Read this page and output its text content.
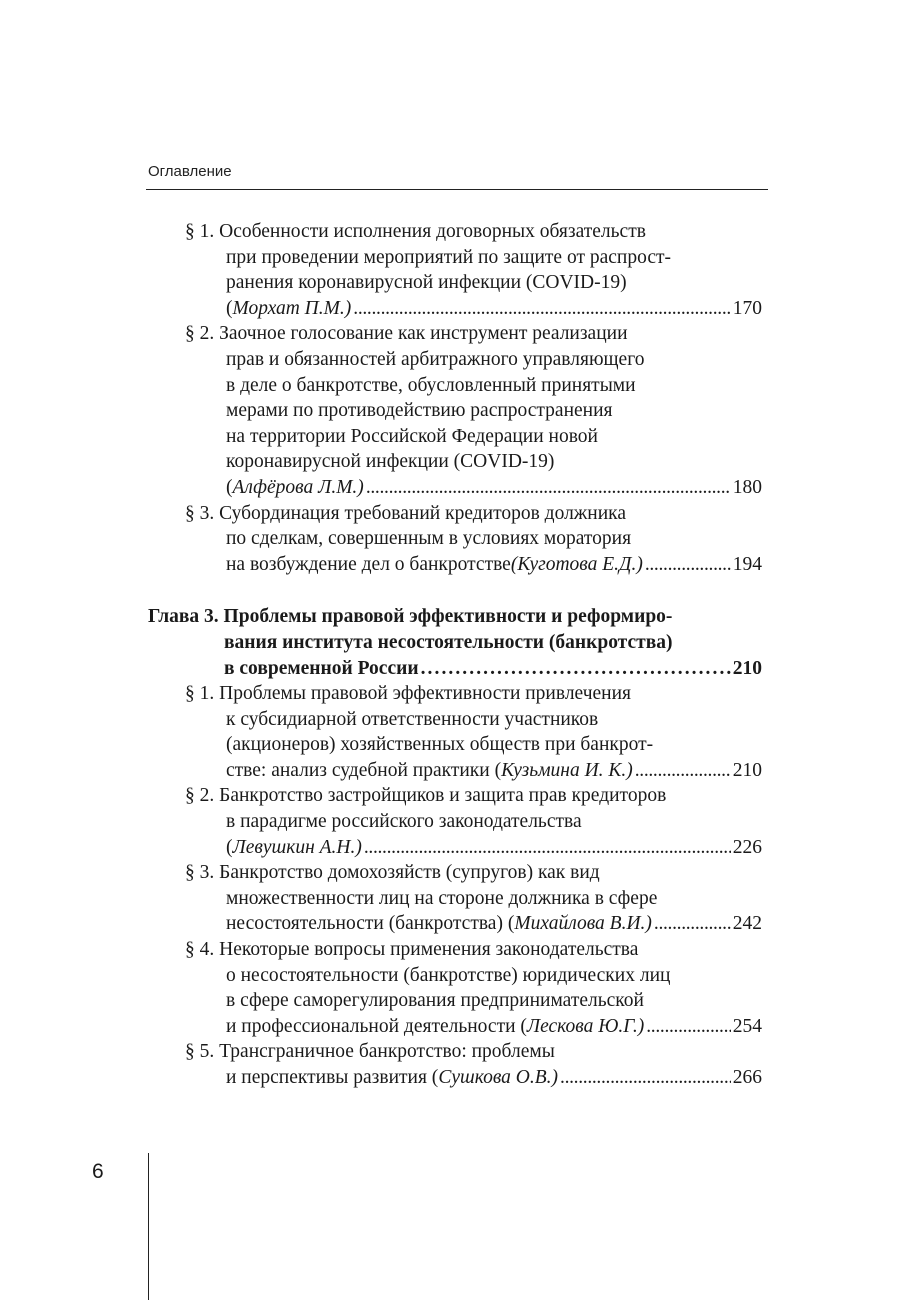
Оглавление
§ 1. Особенности исполнения договорных обязательств
при проведении мероприятий по защите от распрост-
ранения коронавирусной инфекции (COVID-19)
( Морхат П.М.) . . .	170
§ 2. Заочное голосование как инструмент реализации
прав и обязанностей арбитражного управляющего
в деле о банкротстве, обусловленный принятыми
мерами по противодействию распространения
на территории Российской Федерации новой
коронавирусной инфекции (COVID-19)
( Алфёрова Л.М.) . . .	180
§ 3. Субординация требований кредиторов должника
по сделкам, совершенным в условиях моратория
на возбуждение дел о банкротстве (Куготова Е.Д.) . . .	194
Глава 3. Проблемы правовой эффективности и реформиро-
вания института несостоятельности (банкротства)
в современной России . . .	210
§ 1. Проблемы правовой эффективности привлечения
к субсидиарной ответственности участников
(акционеров) хозяйственных обществ при банкрот-
стве: анализ судебной практики ( Кузьмина И. К.) . . .	210
§ 2. Банкротство застройщиков и защита прав кредиторов
в парадигме российского законодательства
( Левушкин А.Н.) . . .	226
§ 3. Банкротство домохозяйств (супругов) как вид
множественности лиц на стороне должника в сфере
несостоятельности (банкротства) ( Михайлова В.И.) . . .	242
§ 4. Некоторые вопросы применения законодательства
о несостоятельности (банкротстве) юридических лиц
в сфере саморегулирования предпринимательской
и профессиональной деятельности ( Лескова Ю.Г.) . . .	254
§ 5. Трансграничное банкротство: проблемы
и перспективы развития ( Сушкова О.В.) . . .	266
6
